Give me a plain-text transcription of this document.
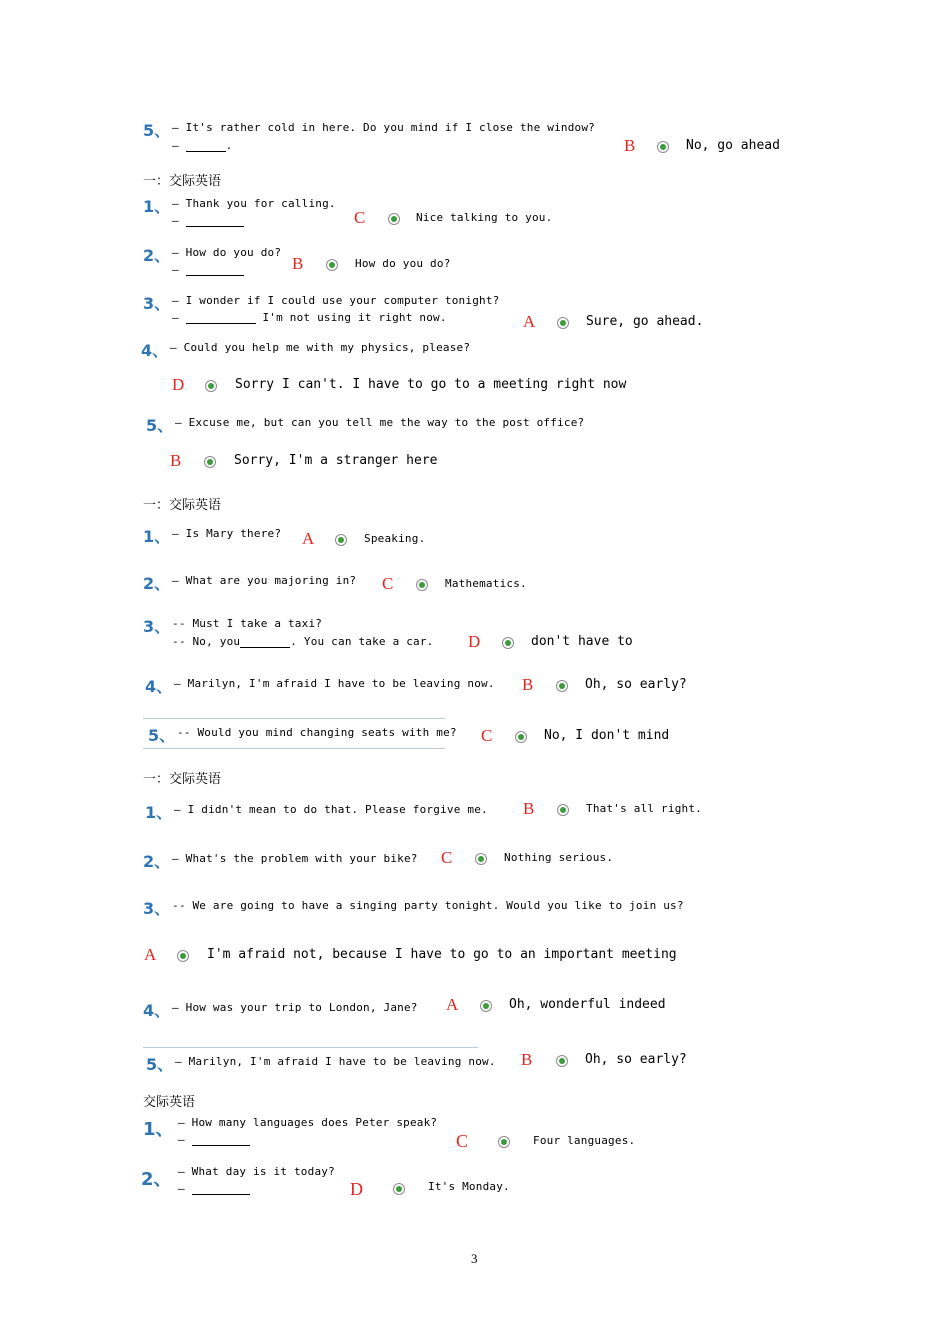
5、 – It's rather cold in here. Do you mind if I close the window?
–	.	B	No, go ahead
一：交际英语
1、 – Thank you for calling.
–	C	Nice talking to you.
2、 – How do you do?
–	B	How do you do?
3、 – I wonder if I could use your computer tonight?
–	I'm not using it right now.	A	Sure, go ahead.
4、 – Could you help me with my physics, please?
D	Sorry I can't. I have to go to a meeting right now
5、 – Excuse me, but can you tell me the way to the post office?
B	Sorry, I'm a stranger here
一：交际英语
1、 – Is Mary there? A	Speaking.
2、 – What are you majoring in? C	Mathematics.
3、 -- Must I take a taxi?
-- No, you	. You can take a car. D	don't have to
4、 – Marilyn, I'm afraid I have to be leaving now. B	Oh, so early?
5、 -- Would you mind changing seats with me? C	No, I don't mind
一：交际英语
1、 – I didn't mean to do that. Please forgive me. B	That's all right.
2、 – What's the problem with your bike? C	Nothing serious.
3、 -- We are going to have a singing party tonight. Would you like to join us?
A	I'm afraid not, because I have to go to an important meeting
4、 – How was your trip to London, Jane? A	Oh, wonderful indeed
5、 – Marilyn, I'm afraid I have to be leaving now. B	Oh, so early?
交际英语
1、 – How many languages does Peter speak?
–	C	Four languages.
2、 – What day is it today?
–	D	It's Monday.
3
